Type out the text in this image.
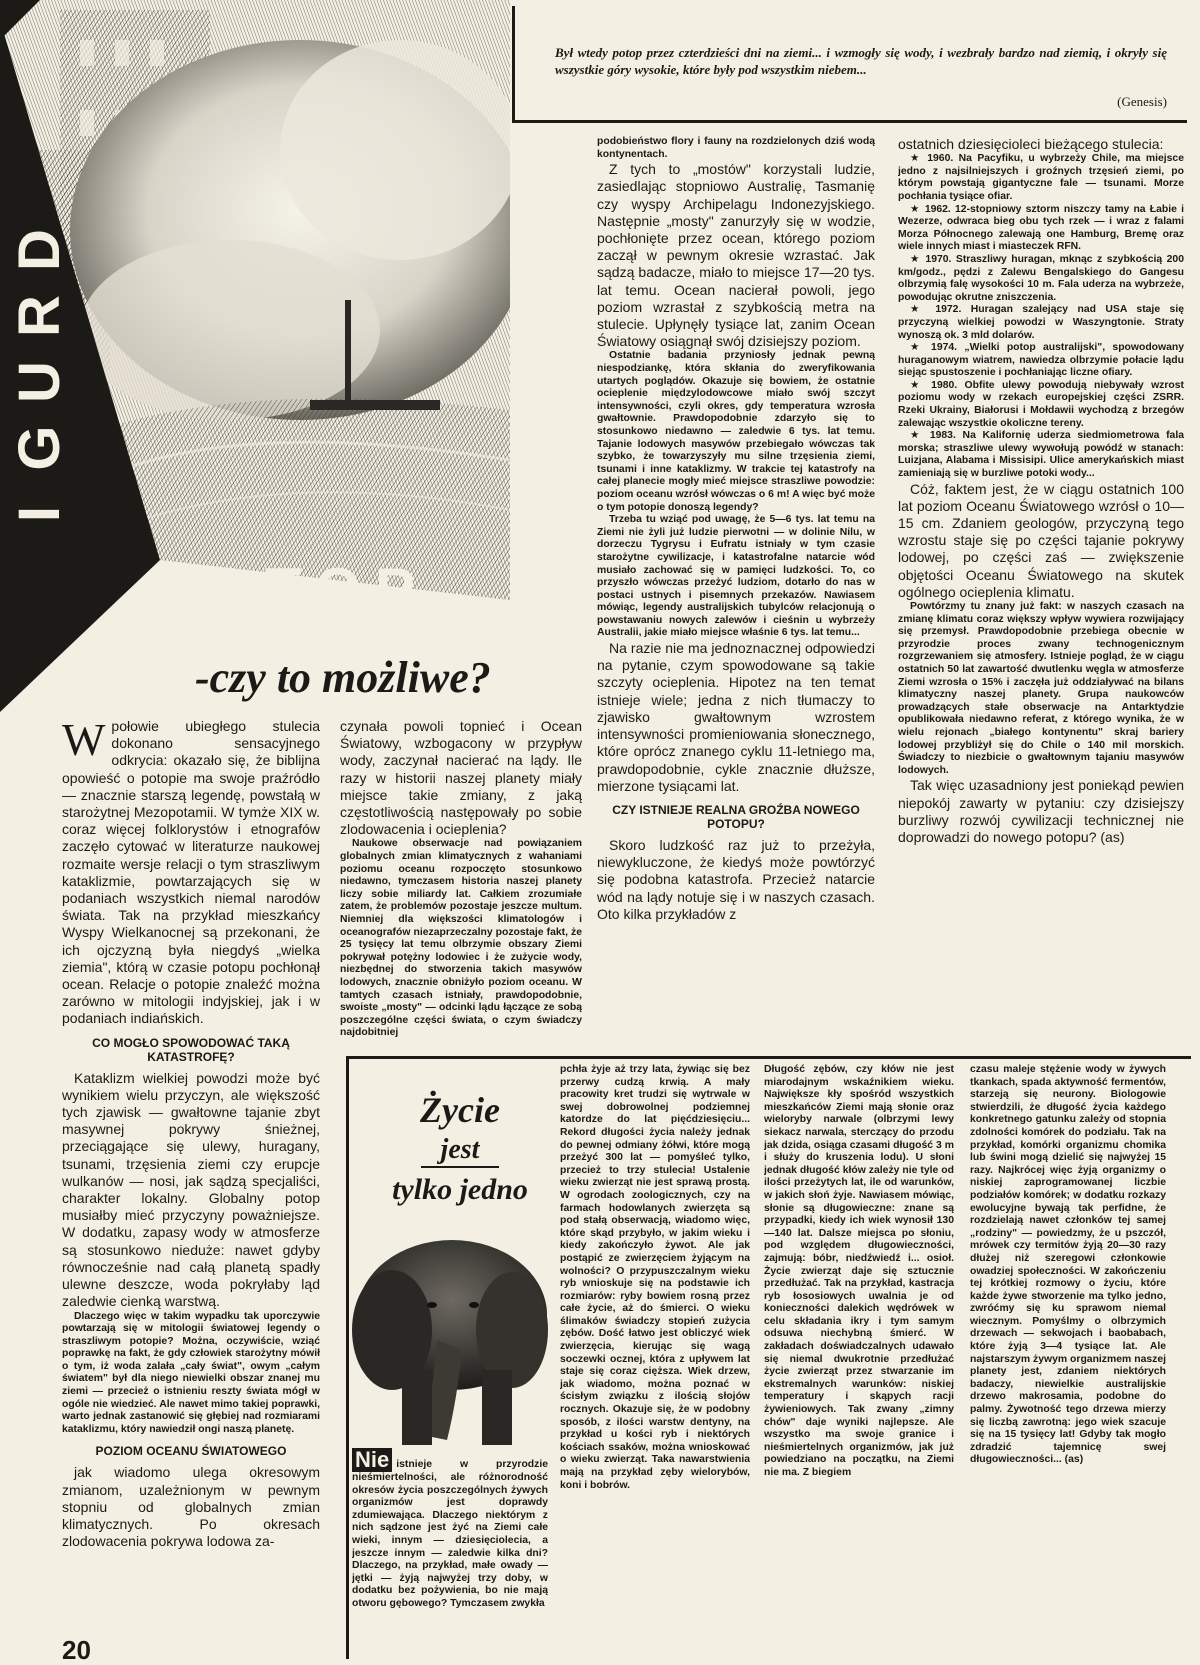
D
R
U
G
I
POTOP
-czy to możliwe?
Był wtedy potop przez czterdzieści dni na ziemi... i wzmogły się wody, i wezbrały bardzo nad ziemią, i okryły się wszystkie góry wysokie, które były pod wszystkim niebem...
(Genesis)

podobieństwo flory i fauny na rozdzielonych dziś wodą kontynentach.

Z tych to „mostów" korzystali ludzie, zasiedlając stopniowo Australię, Tasmanię czy wyspy Archipelagu Indonezyjskiego. Następnie „mosty" zanurzyły się w wodzie, pochłonięte przez ocean, którego poziom zaczął w pewnym okresie wzrastać. Jak sądzą badacze, miało to miejsce 17—20 tys. lat temu. Ocean nacierał powoli, jego poziom wzrastał z szybkością metra na stulecie. Upłynęły tysiące lat, zanim Ocean Światowy osiągnął swój dzisiejszy poziom.

Ostatnie badania przyniosły jednak pewną niespodziankę, która skłania do zweryfikowania utartych poglądów. Okazuje się bowiem, że ostatnie ocieplenie międzylodowcowe miało swój szczyt intensywności, czyli okres, gdy temperatura wzrosła gwałtownie. Prawdopodobnie zdarzyło się to stosunkowo niedawno — zaledwie 6 tys. lat temu. Tajanie lodowych masywów przebiegało wówczas tak szybko, że towarzyszyły mu silne trzęsienia ziemi, tsunami i inne kataklizmy. W trakcie tej katastrofy na całej planecie mogły mieć miejsce straszliwe powodzie: poziom oceanu wzrósł wówczas o 6 m! A więc być może o tym potopie donoszą legendy?

Trzeba tu wziąć pod uwagę, że 5—6 tys. lat temu na Ziemi nie żyli już ludzie pierwotni — w dolinie Nilu, w dorzeczu Tygrysu i Eufratu istniały w tym czasie starożytne cywilizacje, i katastrofalne natarcie wód musiało zachować się w pamięci ludzkości. To, co przyszło wówczas przeżyć ludziom, dotarło do nas w postaci ustnych i pisemnych przekazów. Nawiasem mówiąc, legendy australijskich tubylców relacjonują o powstawaniu nowych zalewów i cieśnin u wybrzeży Australii, jakie miało miejsce właśnie 6 tys. lat temu...

Na razie nie ma jednoznacznej odpowiedzi na pytanie, czym spowodowane są takie szczyty ocieplenia. Hipotez na ten temat istnieje wiele; jedna z nich tłumaczy to zjawisko gwałtownym wzrostem intensywności promieniowania słonecznego, które oprócz znanego cyklu 11-letniego ma, prawdopodobnie, cykle znacznie dłuższe, mierzone tysiącami lat.

CZY ISTNIEJE REALNA GROŹBA NOWEGO POTOPU?

Skoro ludzkość raz już to przeżyła, niewykluczone, że kiedyś może powtórzyć się podobna katastrofa. Przecież natarcie wód na lądy notuje się i w naszych czasach. Oto kilka przykładów z

ostatnich dziesięcioleci bieżącego stulecia:

★ 1960. Na Pacyfiku, u wybrzeży Chile, ma miejsce jedno z najsilniejszych i groźnych trzęsień ziemi, po którym powstają gigantyczne fale — tsunami. Morze pochłania tysiące ofiar.

★ 1962. 12-stopniowy sztorm niszczy tamy na Łabie i Wezerze, odwraca bieg obu tych rzek — i wraz z falami Morza Północnego zalewają one Hamburg, Bremę oraz wiele innych miast i miasteczek RFN.

★ 1970. Straszliwy huragan, mknąc z szybkością 200 km/godz., pędzi z Zalewu Bengalskiego do Gangesu olbrzymią falę wysokości 10 m. Fala uderza na wybrzeże, powodując okrutne zniszczenia.

★ 1972. Huragan szalejący nad USA staje się przyczyną wielkiej powodzi w Waszyngtonie. Straty wynoszą ok. 3 mld dolarów.

★ 1974. „Wielki potop australijski", spowodowany huraganowym wiatrem, nawiedza olbrzymie połacie lądu siejąc spustoszenie i pochłaniając liczne ofiary.

★ 1980. Obfite ulewy powodują niebywały wzrost poziomu wody w rzekach europejskiej części ZSRR. Rzeki Ukrainy, Białorusi i Mołdawii wychodzą z brzegów zalewając wszystkie okoliczne tereny.

★ 1983. Na Kalifornię uderza siedmiometrowa fala morska; straszliwe ulewy wywołują powódź w stanach: Luizjana, Alabama i Missisipi. Ulice amerykańskich miast zamieniają się w burzliwe potoki wody...

Cóż, faktem jest, że w ciągu ostatnich 100 lat poziom Oceanu Światowego wzrósł o 10—15 cm. Zdaniem geologów, przyczyną tego wzrostu staje się po części tajanie pokrywy lodowej, po części zaś — zwiększenie objętości Oceanu Światowego na skutek ogólnego ocieplenia klimatu.

Powtórzmy tu znany już fakt: w naszych czasach na zmianę klimatu coraz większy wpływ wywiera rozwijający się przemysł. Prawdopodobnie przebiega obecnie w przyrodzie proces zwany technogenicznym rozgrzewaniem się atmosfery. Istnieje pogląd, że w ciągu ostatnich 50 lat zawartość dwutlenku węgla w atmosferze Ziemi wzrosła o 15% i zaczęła już oddziaływać na bilans klimatyczny naszej planety. Grupa naukowców prowadzących stałe obserwacje na Antarktydzie opublikowała niedawno referat, z którego wynika, że w wielu rejonach „białego kontynentu" skraj bariery lodowej przybliżył się do Chile o 140 mil morskich. Świadczy to niezbicie o gwałtownym tajaniu masywów lodowych.

Tak więc uzasadniony jest poniekąd pewien niepokój zawarty w pytaniu: czy dzisiejszy burzliwy rozwój cywilizacji technicznej nie doprowadzi do nowego potopu? (as)

W połowie ubiegłego stulecia dokonano sensacyjnego odkrycia: okazało się, że biblijna opowieść o potopie ma swoje praźródło — znacznie starszą legendę, powstałą w starożytnej Mezopotamii. W tymże XIX w. coraz więcej folklorystów i etnografów zaczęło cytować w literaturze naukowej rozmaite wersje relacji o tym straszliwym kataklizmie, powtarzających się w podaniach wszystkich niemal narodów świata. Tak na przykład mieszkańcy Wyspy Wielkanocnej są przekonani, że ich ojczyzną była niegdyś „wielka ziemia", którą w czasie potopu pochłonął ocean. Relacje o potopie znaleźć można zarówno w mitologii indyjskiej, jak i w podaniach indiańskich.
CO MOGŁO SPOWODOWAĆ TAKĄ KATASTROFĘ?

Kataklizm wielkiej powodzi może być wynikiem wielu przyczyn, ale większość tych zjawisk — gwałtowne tajanie zbyt masywnej pokrywy śnieżnej, przeciągające się ulewy, huragany, tsunami, trzęsienia ziemi czy erupcje wulkanów — nosi, jak sądzą specjaliści, charakter lokalny. Globalny potop musiałby mieć przyczyny poważniejsze. W dodatku, zapasy wody w atmosferze są stosunkowo nieduże: nawet gdyby równocześnie nad całą planetą spadły ulewne deszcze, woda pokryłaby ląd zaledwie cienką warstwą.

Dlaczego więc w takim wypadku tak uporczywie powtarzają się w mitologii światowej legendy o straszliwym potopie? Można, oczywiście, wziąć poprawkę na fakt, że gdy człowiek starożytny mówił o tym, iż woda zalała „cały świat", owym „całym światem" był dla niego niewielki obszar znanej mu ziemi — przecież o istnieniu reszty świata mógł w ogóle nie wiedzieć. Ale nawet mimo takiej poprawki, warto jednak zastanowić się głębiej nad rozmiarami kataklizmu, który nawiedził ongi naszą planetę.

POZIOM OCEANU ŚWIATOWEGO

jak wiadomo ulega okresowym zmianom, uzależnionym w pewnym stopniu od globalnych zmian klimatycznych. Po okresach zlodowacenia pokrywa lodowa za-

czynała powoli topnieć i Ocean Światowy, wzbogacony w przypływ wody, zaczynał nacierać na lądy. Ile razy w historii naszej planety miały miejsce takie zmiany, z jaką częstotliwością następowały po sobie zlodowacenia i ocieplenia?

Naukowe obserwacje nad powiązaniem globalnych zmian klimatycznych z wahaniami poziomu oceanu rozpoczęto stosunkowo niedawno, tymczasem historia naszej planety liczy sobie miliardy lat. Całkiem zrozumiałe zatem, że problemów pozostaje jeszcze multum. Niemniej dla większości klimatologów i oceanografów niezaprzeczalny pozostaje fakt, że 25 tysięcy lat temu olbrzymie obszary Ziemi pokrywał potężny lodowiec i że zużycie wody, niezbędnej do stworzenia takich masywów lodowych, znacznie obniżyło poziom oceanu. W tamtych czasach istniały, prawdopodobnie, swoiste „mosty" — odcinki lądu łączące ze sobą poszczególne części świata, o czym świadczy najdobitniej

Życie
jest
tylko jedno

Nie istnieje w przyrodzie nieśmiertelności, ale różnorodność okresów życia poszczególnych żywych organizmów jest doprawdy zdumiewająca. Dlaczego niektórym z nich sądzone jest żyć na Ziemi całe wieki, innym — dziesięciolecia, a jeszcze innym — zaledwie kilka dni? Dlaczego, na przykład, małe owady — jętki — żyją najwyżej trzy doby, w dodatku bez pożywienia, bo nie mają otworu gębowego? Tymczasem zwykła

pchła żyje aż trzy lata, żywiąc się bez przerwy cudzą krwią. A mały pracowity kret trudzi się wytrwale w swej dobrowolnej podziemnej katordze do lat pięćdziesięciu... Rekord długości życia należy jednak do pewnej odmiany żółwi, które mogą przeżyć 300 lat — pomyśleć tylko, przecież to trzy stulecia! Ustalenie wieku zwierząt nie jest sprawą prostą. W ogrodach zoologicznych, czy na farmach hodowlanych zwierzęta są pod stałą obserwacją, wiadomo więc, które skąd przybyło, w jakim wieku i kiedy zakończyło żywot. Ale jak postąpić ze zwierzęciem żyjącym na wolności? O przypuszczalnym wieku ryb wnioskuje się na podstawie ich rozmiarów: ryby bowiem rosną przez całe życie, aż do śmierci. O wieku ślimaków świadczy stopień zużycia zębów. Dość łatwo jest obliczyć wiek zwierzęcia, kierując się wagą soczewki ocznej, która z upływem lat staje się coraz cięższa. Wiek drzew, jak wiadomo, można poznać w ścisłym związku z ilością słojów rocznych. Okazuje się, że w podobny sposób, z ilości warstw dentyny, na przykład u kości ryb i niektórych kościach ssaków, można wnioskować o wieku zwierząt. Taka nawarstwienia mają na przykład zęby wielorybów, koni i bobrów.

Długość zębów, czy kłów nie jest miarodajnym wskaźnikiem wieku. Największe kły spośród wszystkich mieszkańców Ziemi mają słonie oraz wieloryby narwale (olbrzymi lewy siekacz narwala, sterczący do przodu jak dzida, osiąga czasami długość 3 m i służy do kruszenia lodu). U słoni jednak długość kłów zależy nie tyle od ilości przeżytych lat, ile od warunków, w jakich słoń żyje. Nawiasem mówiąc, słonie są długowieczne: znane są przypadki, kiedy ich wiek wynosił 130—140 lat. Dalsze miejsca po słoniu, pod względem długowieczności, zajmują: bóbr, niedźwiedź i... osioł. Życie zwierząt daje się sztucznie przedłużać. Tak na przykład, kastracja ryb łososiowych uwalnia je od konieczności dalekich wędrówek w celu składania ikry i tym samym odsuwa niechybną śmierć. W zakładach doświadczalnych udawało się niemal dwukrotnie przedłużać życie zwierząt przez stwarzanie im ekstremalnych warunków: niskiej temperatury i skąpych racji żywieniowych. Tak zwany „zimny chów" daje wyniki najlepsze. Ale wszystko ma swoje granice i nieśmiertelnych organizmów, jak już powiedziano na początku, na Ziemi nie ma. Z biegiem

czasu maleje stężenie wody w żywych tkankach, spada aktywność fermentów, starzeją się neurony. Biologowie stwierdzili, że długość życia każdego konkretnego gatunku zależy od stopnia zdolności komórek do podziału. Tak na przykład, komórki organizmu chomika lub świni mogą dzielić się najwyżej 15 razy. Najkrócej więc żyją organizmy o niskiej zaprogramowanej liczbie podziałów komórek; w dodatku rozkazy ewolucyjne bywają tak perfidne, że rozdzielają nawet członków tej samej „rodziny" — powiedzmy, że u pszczół, mrówek czy termitów żyją 20—30 razy dłużej niż szeregowi członkowie owadziej społeczności. W zakończeniu tej krótkiej rozmowy o życiu, które każde żywe stworzenie ma tylko jedno, zwróćmy się ku sprawom niemal wiecznym. Pomyślmy o olbrzymich drzewach — sekwojach i baobabach, które żyją 3—4 tysiące lat. Ale najstarszym żywym organizmem naszej planety jest, zdaniem niektórych badaczy, niewielkie australijskie drzewo makrosamia, podobne do palmy. Żywotność tego drzewa mierzy się liczbą zawrotną: jego wiek szacuje się na 15 tysięcy lat! Gdyby tak mogło zdradzić tajemnicę swej długowieczności... (as)

20
